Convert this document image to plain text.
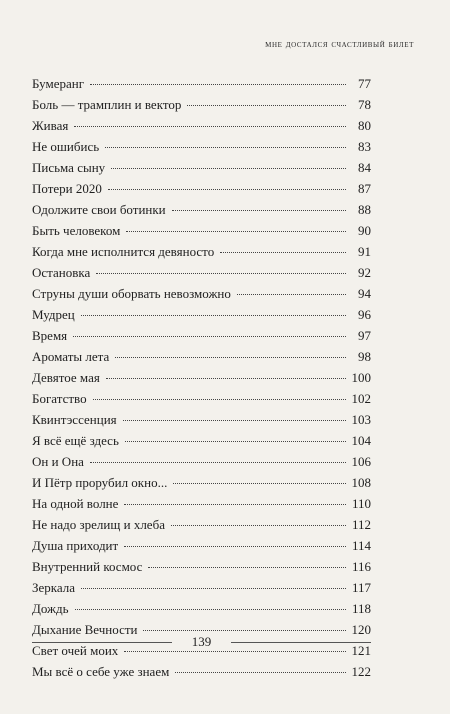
мне достался счастливый билет
Бумеранг	77
Боль — трамплин и вектор	78
Живая	80
Не ошибись	83
Письма сыну	84
Потери 2020	87
Одолжите свои ботинки	88
Быть человеком	90
Когда мне исполнится девяносто	91
Остановка	92
Струны души оборвать невозможно	94
Мудрец	96
Время	97
Ароматы лета	98
Девятое мая	100
Богатство	102
Квинтэссенция	103
Я всё ещё здесь	104
Он и Она	106
И Пётр прорубил окно...	108
На одной волне	110
Не надо зрелищ и хлеба	112
Душа приходит	114
Внутренний космос	116
Зеркала	117
Дождь	118
Дыхание Вечности	120
Свет очей моих	121
Мы всё о себе уже знаем	122
139
